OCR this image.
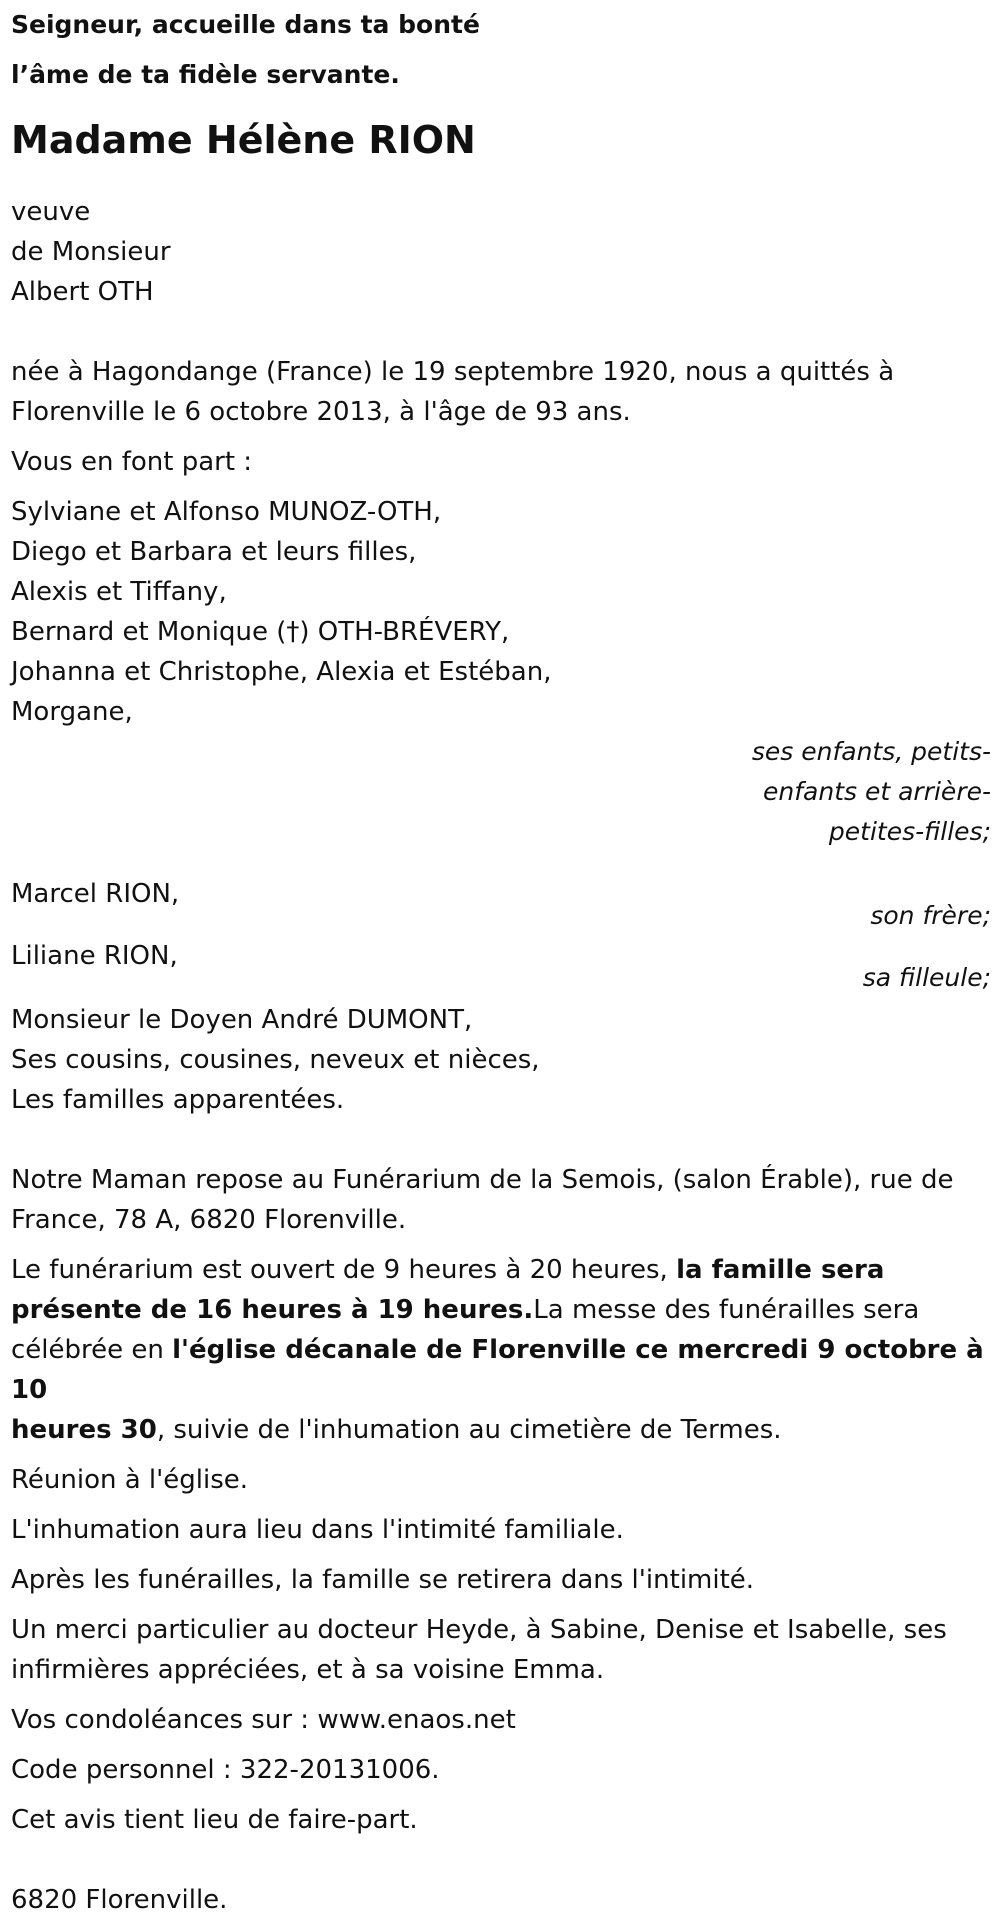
Seigneur, accueille dans ta bonté
l’âme de ta fidèle servante.
Madame Hélène RION
veuve
de Monsieur
Albert OTH
née à Hagondange (France) le 19 septembre 1920, nous a quittés à
Florenville le 6 octobre 2013, à l'âge de 93 ans.
Vous en font part :
Sylviane et Alfonso MUNOZ-OTH,
Diego et Barbara et leurs filles,
Alexis et Tiffany,
Bernard et Monique (†) OTH-BRÉVERY,
Johanna et Christophe, Alexia et Estéban,
Morgane,
ses enfants, petits-
enfants et arrière-
petites-filles;
Marcel RION,
son frère;
Liliane RION,
sa filleule;
Monsieur le Doyen André DUMONT,
Ses cousins, cousines, neveux et nièces,
Les familles apparentées.
Notre Maman repose au Funérarium de la Semois, (salon Érable), rue de
France, 78 A, 6820 Florenville.
Le funérarium est ouvert de 9 heures à 20 heures, la famille sera
présente de 16 heures à 19 heures.La messe des funérailles sera
célébrée en l'église décanale de Florenville ce mercredi 9 octobre à 10
heures 30, suivie de l'inhumation au cimetière de Termes.
Réunion à l'église.
L'inhumation aura lieu dans l'intimité familiale.
Après les funérailles, la famille se retirera dans l'intimité.
Un merci particulier au docteur Heyde, à Sabine, Denise et Isabelle, ses
infirmières appréciées, et à sa voisine Emma.
Vos condoléances sur : www.enaos.net
Code personnel : 322-20131006.
Cet avis tient lieu de faire-part.
6820 Florenville.
